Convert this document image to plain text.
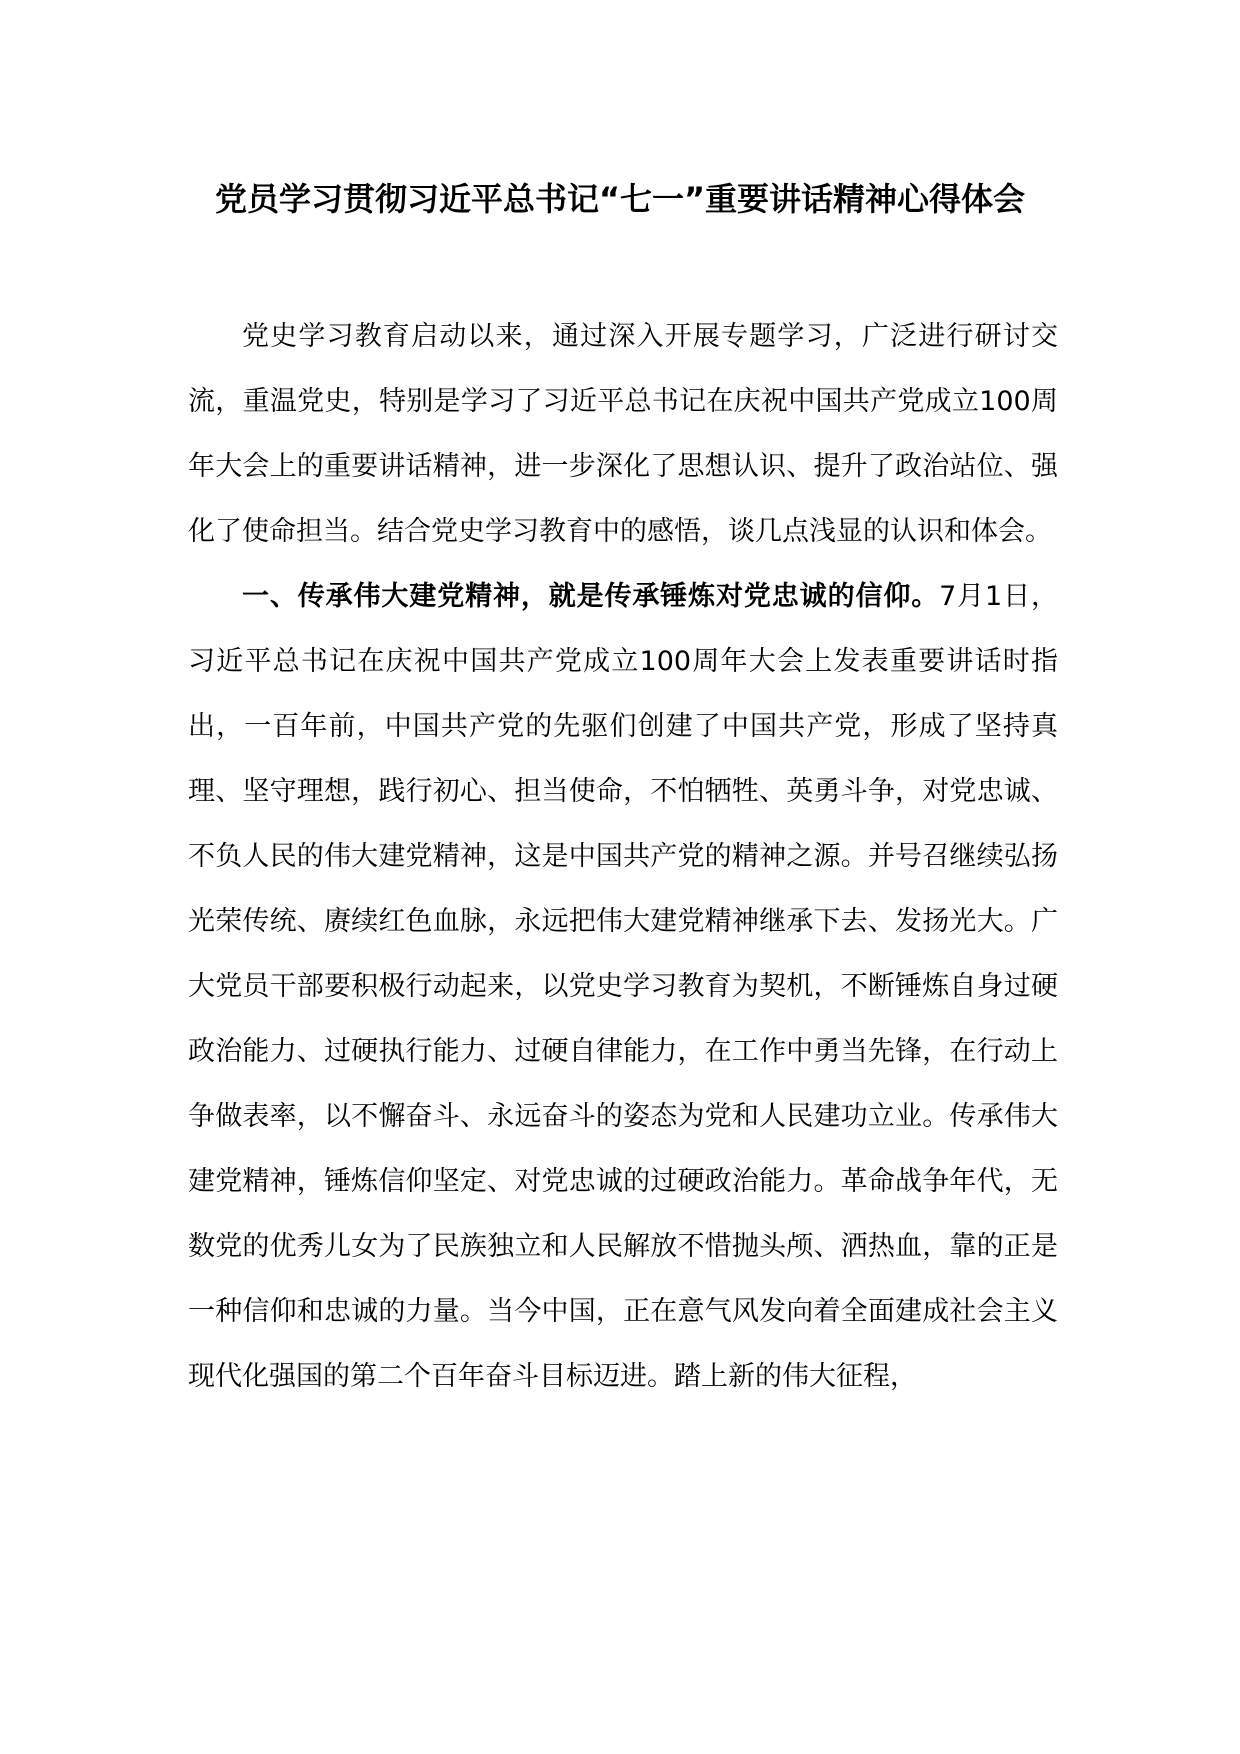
党员学习贯彻习近平总书记“七一”重要讲话精神心得体会

党史学习教育启动以来，通过深入开展专题学习，广泛进行研讨交流，重温党史，特别是学习了习近平总书记在庆祝中国共产党成立100周年大会上的重要讲话精神，进一步深化了思想认识、提升了政治站位、强化了使命担当。结合党史学习教育中的感悟，谈几点浅显的认识和体会。

一、传承伟大建党精神，就是传承锤炼对党忠诚的信仰。7月1日，习近平总书记在庆祝中国共产党成立100周年大会上发表重要讲话时指出，一百年前，中国共产党的先驱们创建了中国共产党，形成了坚持真理、坚守理想，践行初心、担当使命，不怕牺牲、英勇斗争，对党忠诚、不负人民的伟大建党精神，这是中国共产党的精神之源。并号召继续弘扬光荣传统、赓续红色血脉，永远把伟大建党精神继承下去、发扬光大。广大党员干部要积极行动起来，以党史学习教育为契机，不断锤炼自身过硬政治能力、过硬执行能力、过硬自律能力，在工作中勇当先锋，在行动上争做表率，以不懈奋斗、永远奋斗的姿态为党和人民建功立业。传承伟大建党精神，锤炼信仰坚定、对党忠诚的过硬政治能力。革命战争年代，无数党的优秀儿女为了民族独立和人民解放不惜抛头颅、洒热血，靠的正是一种信仰和忠诚的力量。当今中国，正在意气风发向着全面建成社会主义现代化强国的第二个百年奋斗目标迈进。踏上新的伟大征程，
